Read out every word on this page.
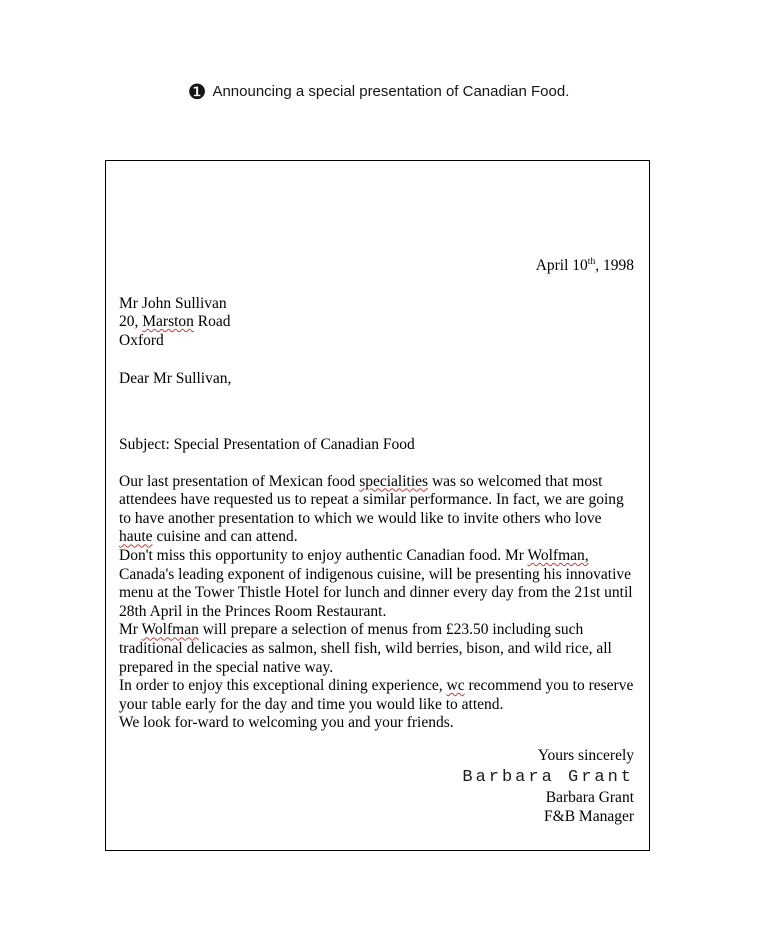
❶ Announcing a special presentation of Canadian Food.
April 10th, 1998
Mr John Sullivan
20, Marston Road
Oxford
Dear Mr Sullivan,
Subject: Special Presentation of Canadian Food

Our last presentation of Mexican food specialities was so welcomed that most attendees have requested us to repeat a similar performance. In fact, we are going to have another presentation to which we would like to invite others who love haute cuisine and can attend.

Don't miss this opportunity to enjoy authentic Canadian food. Mr Wolfman, Canada's leading exponent of indigenous cuisine, will be presenting his innovative menu at the Tower Thistle Hotel for lunch and dinner every day from the 21st until 28th April in the Princes Room Restaurant.

Mr Wolfman will prepare a selection of menus from £23.50 including such traditional delicacies as salmon, shell fish, wild berries, bison, and wild rice, all prepared in the special native way.

In order to enjoy this exceptional dining experience, wc recommend you to reserve your table early for the day and time you would like to attend.

We look for-ward to welcoming you and your friends.

Yours sincerely
Barbara Grant
Barbara Grant
F&B Manager
